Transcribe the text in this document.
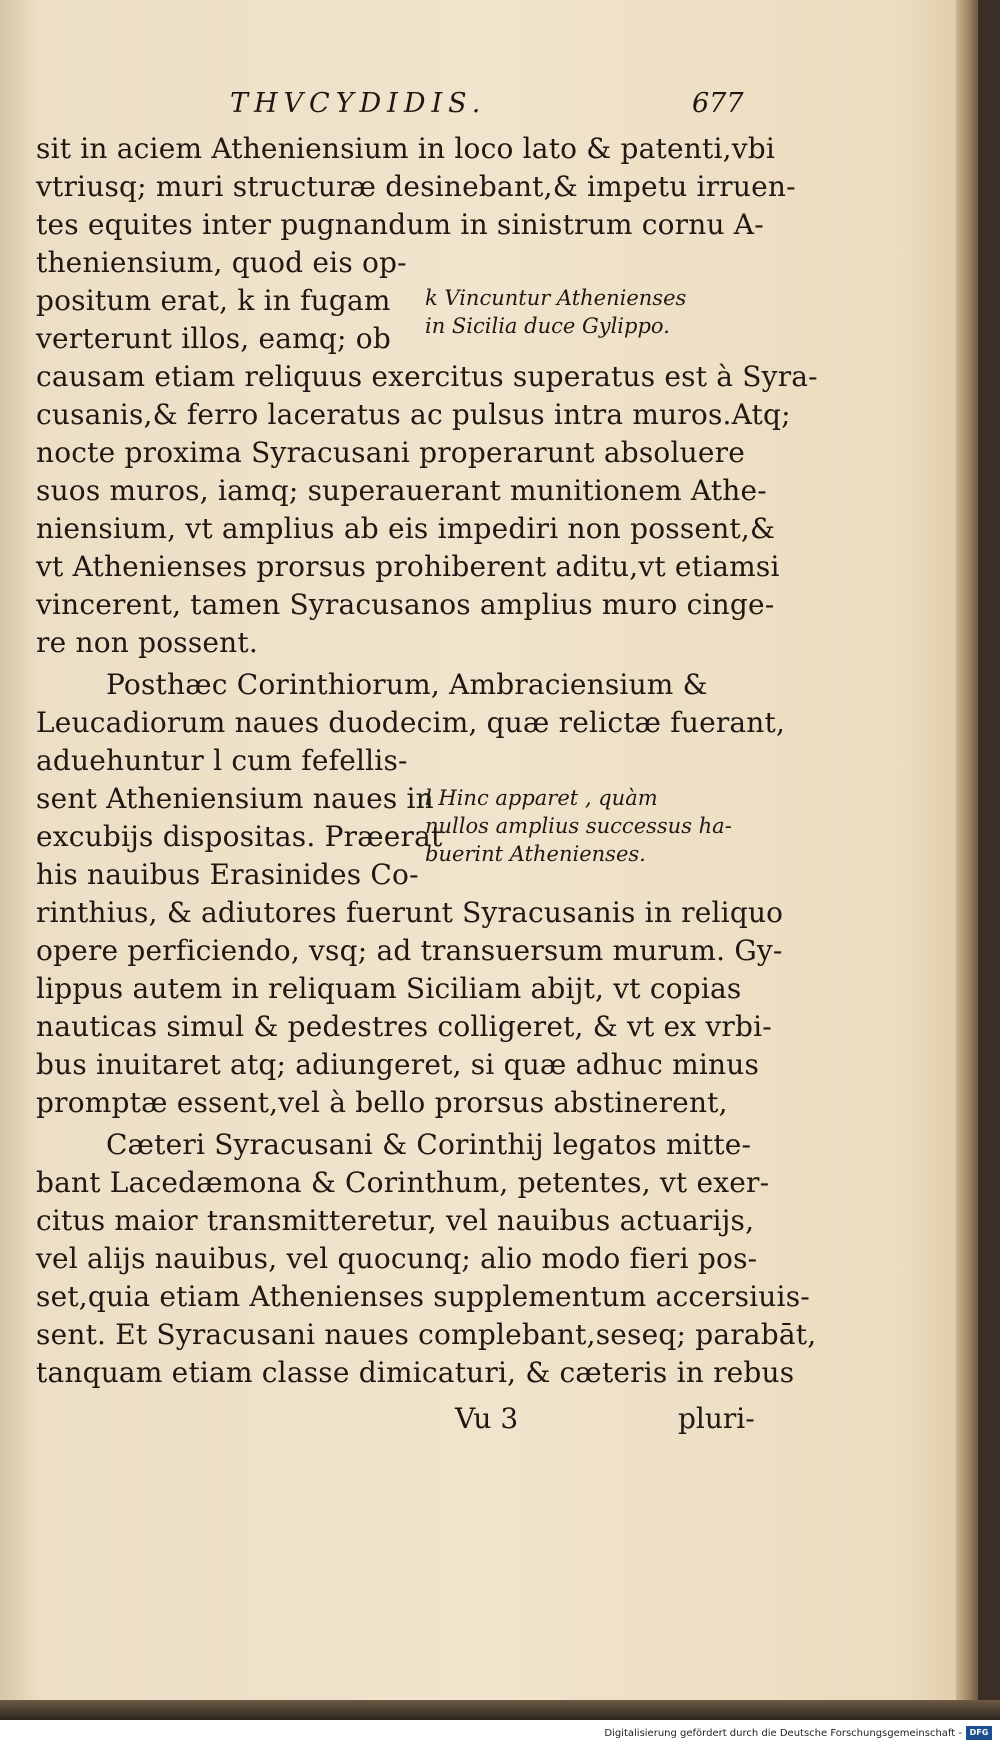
THVCYDIDIS.	677
sit in aciem Atheniensium in loco lato & patenti,vbi
vtriusq; muri structuræ desinebant,& impetu irruen-
tes equites inter pugnandum in sinistrum cornu A-
theniensium, quod eis op-
positum erat, k in fugam
verterunt illos, eamq; ob
causam etiam reliquus exercitus superatus est à Syra-
cusanis,& ferro laceratus ac pulsus intra muros.Atq;
nocte proxima Syracusani properarunt absoluere
suos muros, iamq; superauerant munitionem Athe-
niensium, vt amplius ab eis impediri non possent,&
vt Athenienses prorsus prohiberent aditu,vt etiamsi
vincerent, tamen Syracusanos amplius muro cinge-
re non possent.
Posthæc Corinthiorum, Ambraciensium &
Leucadiorum naues duodecim, quæ relictæ fuerant,
aduehuntur l cum fefellis-
sent Atheniensium naues in
excubijs dispositas. Præerat
his nauibus Erasinides Co-
rinthius, & adiutores fuerunt Syracusanis in reliquo
opere perficiendo, vsq; ad transuersum murum. Gy-
lippus autem in reliquam Siciliam abijt, vt copias
nauticas simul & pedestres colligeret, & vt ex vrbi-
bus inuitaret atq; adiungeret, si quæ adhuc minus
promptæ essent,vel à bello prorsus abstinerent,
Cæteri Syracusani & Corinthij legatos mitte-
bant Lacedæmona & Corinthum, petentes, vt exer-
citus maior transmitteretur, vel nauibus actuarijs,
vel alijs nauibus, vel quocunq; alio modo fieri pos-
set,quia etiam Athenienses supplementum accersiuis-
sent. Et Syracusani naues complebant,seseq; parabāt,
tanquam etiam classe dimicaturi, & cæteris in rebus
k Vincuntur Athenienses
in Sicilia duce Gylippo.
l Hinc apparet , quàm
nullos amplius successus ha-
buerint Athenienses.
Vu 3	pluri-
Digitalisierung gefördert durch die Deutsche Forschungsgemeinschaft - DFG
